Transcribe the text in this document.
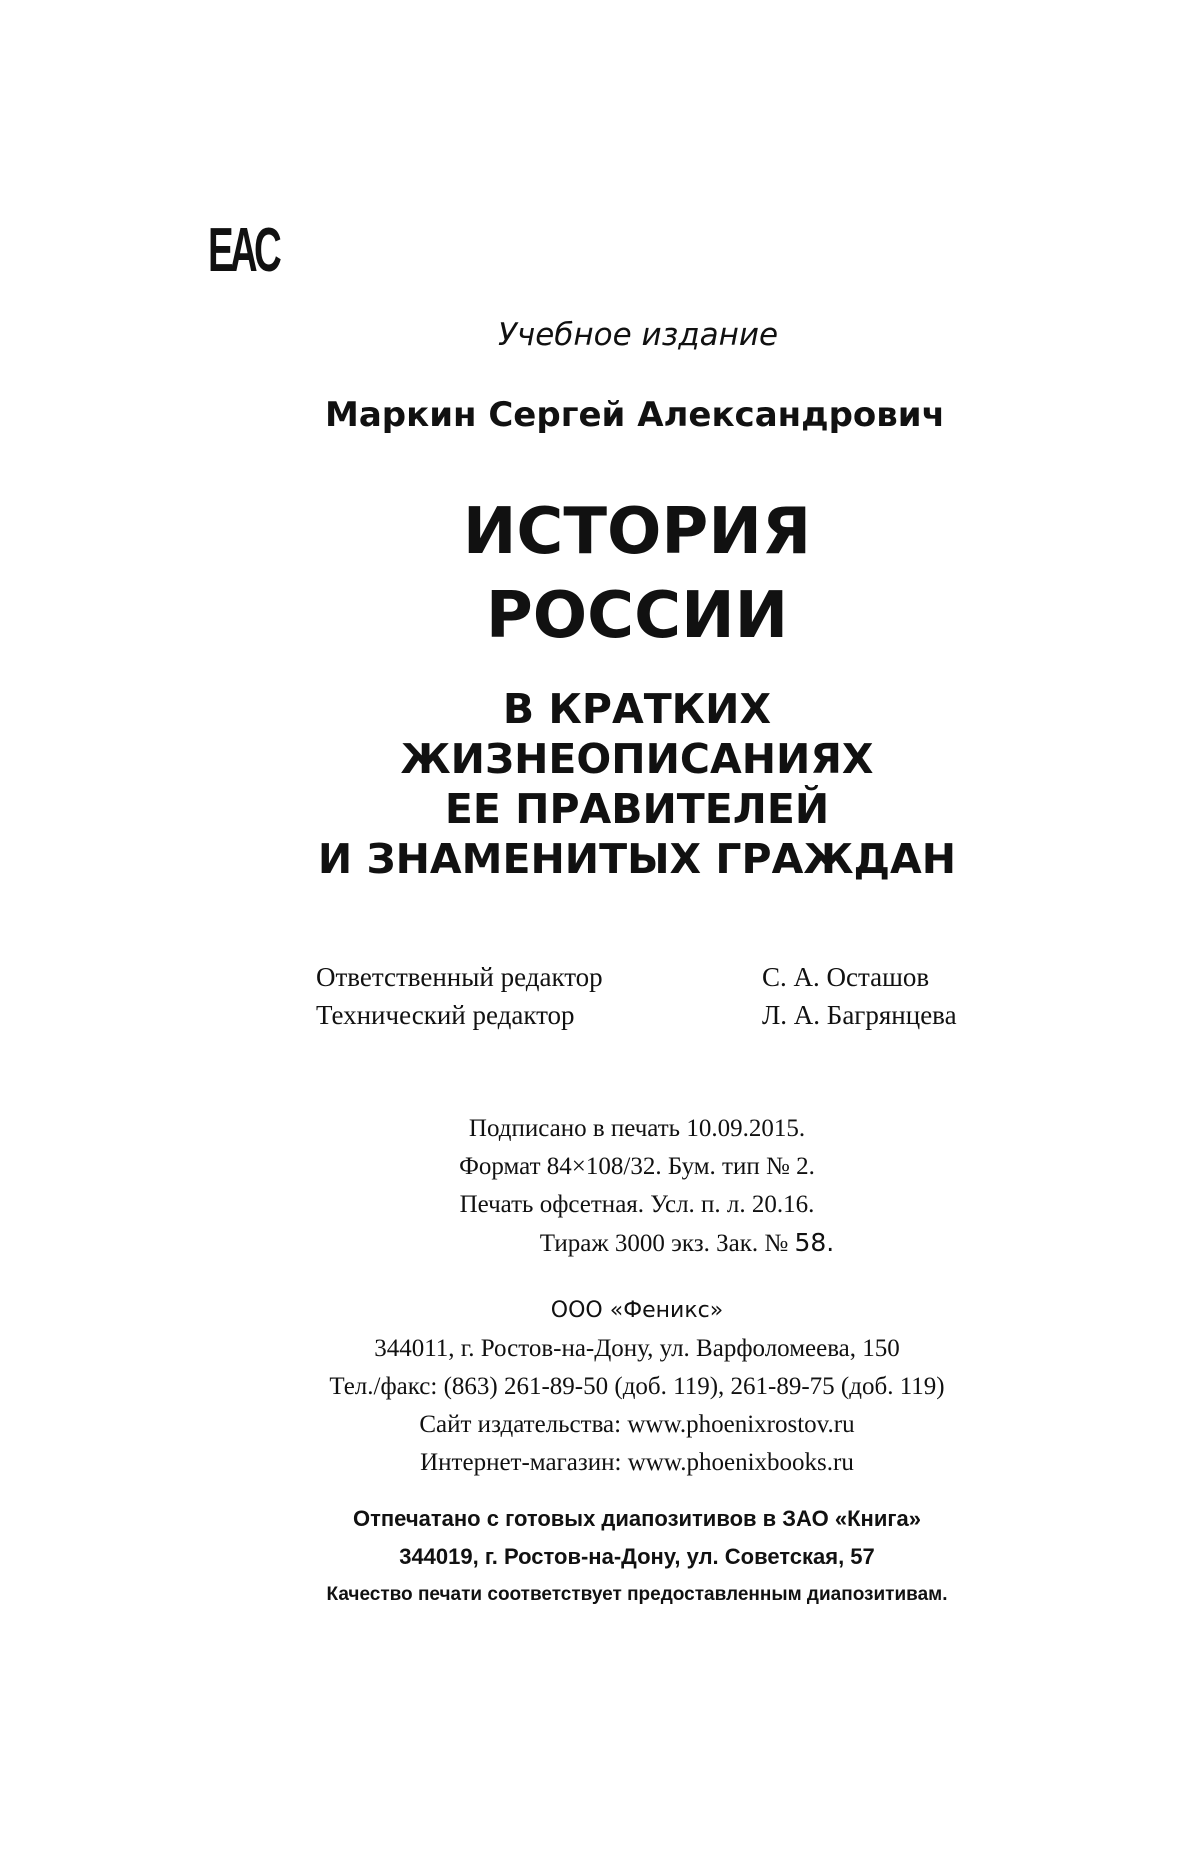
EAC
Учебное издание
Маркин Сергей Александрович
ИСТОРИЯ
РОССИИ
В КРАТКИХ
ЖИЗНЕОПИСАНИЯХ
ЕЕ ПРАВИТЕЛЕЙ
И ЗНАМЕНИТЫХ ГРАЖДАН
Ответственный редактор	С. А. Осташов
Технический редактор	Л. А. Багрянцева
Подписано в печать 10.09.2015.
Формат 84×108/32. Бум. тип № 2.
Печать офсетная. Усл. п. л. 20.16.
Тираж 3000 экз. Зак. № 58.
ООО «Феникс»
344011, г. Ростов-на-Дону, ул. Варфоломеева, 150
Тел./факс: (863) 261-89-50 (доб. 119), 261-89-75 (доб. 119)
Сайт издательства: www.phoenixrostov.ru
Интернет-магазин: www.phoenixbooks.ru
Отпечатано с готовых диапозитивов в ЗАО «Книга»
344019, г. Ростов-на-Дону, ул. Советская, 57
Качество печати соответствует предоставленным диапозитивам.
